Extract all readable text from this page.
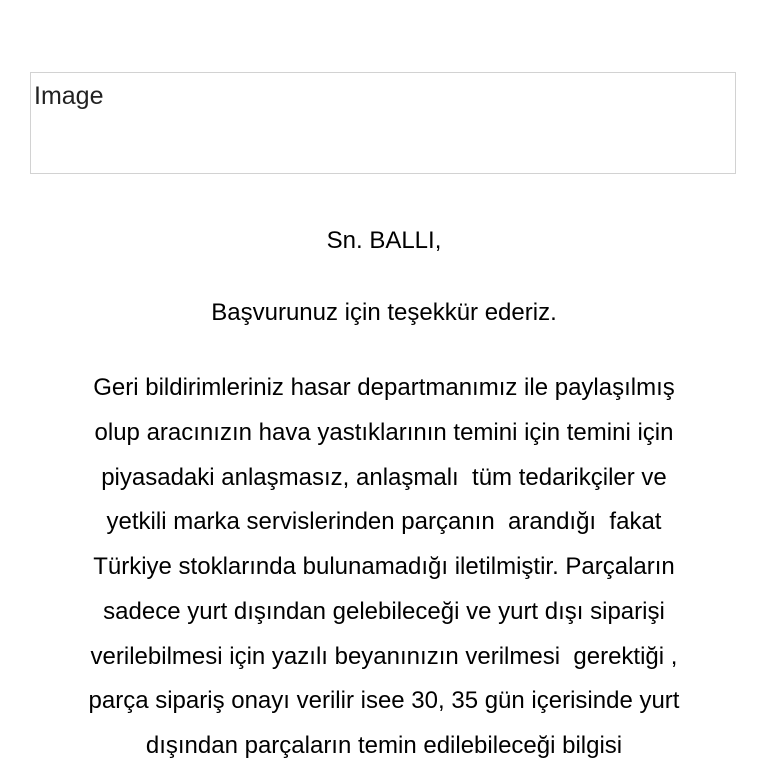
Image
Sn. BALLI,
Başvurunuz için teşekkür ederiz.
Geri bildirimleriniz hasar departmanımız ile paylaşılmış
olup aracınızın hava yastıklarının temini için temini için
piyasadaki anlaşmasız, anlaşmalı  tüm tedarikçiler ve
yetkili marka servislerinden parçanın  arandığı  fakat
Türkiye stoklarında bulunamadığı iletilmiştir. Parçaların
sadece yurt dışından gelebileceği ve yurt dışı siparişi
verilebilmesi için yazılı beyanınızın verilmesi  gerektiği ,
parça sipariş onayı verilir isee 30, 35 gün içerisinde yurt
dışından parçaların temin edilebileceği bilgisi
